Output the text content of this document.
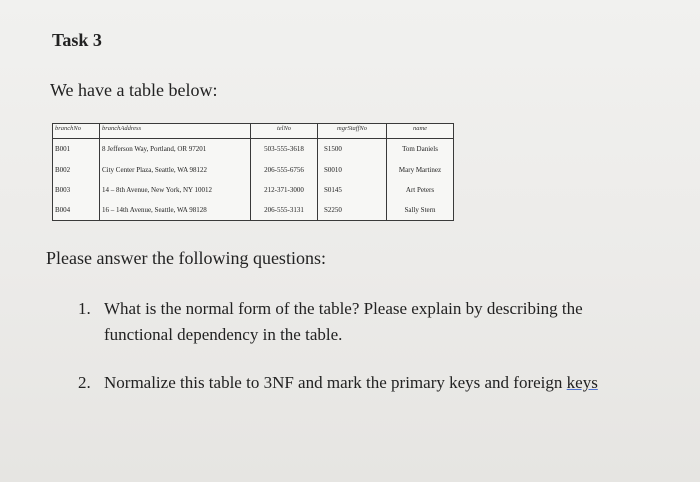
Task 3
We have a table below:
branchNo	branchAddress	telNo	mgrStaffNo	name
B001	8 Jefferson Way, Portland, OR 97201	503-555-3618	S1500	Tom Daniels
B002	City Center Plaza, Seattle, WA 98122	206-555-6756	S0010	Mary Martinez
B003	14 – 8th Avenue, New York, NY 10012	212-371-3000	S0145	Art Peters
B004	16 – 14th Avenue, Seattle, WA 98128	206-555-3131	S2250	Sally Stern
Please answer the following questions:
1. What is the normal form of the table? Please explain by describing the
functional dependency in the table.
2. Normalize this table to 3NF and mark the primary keys and foreign keys
